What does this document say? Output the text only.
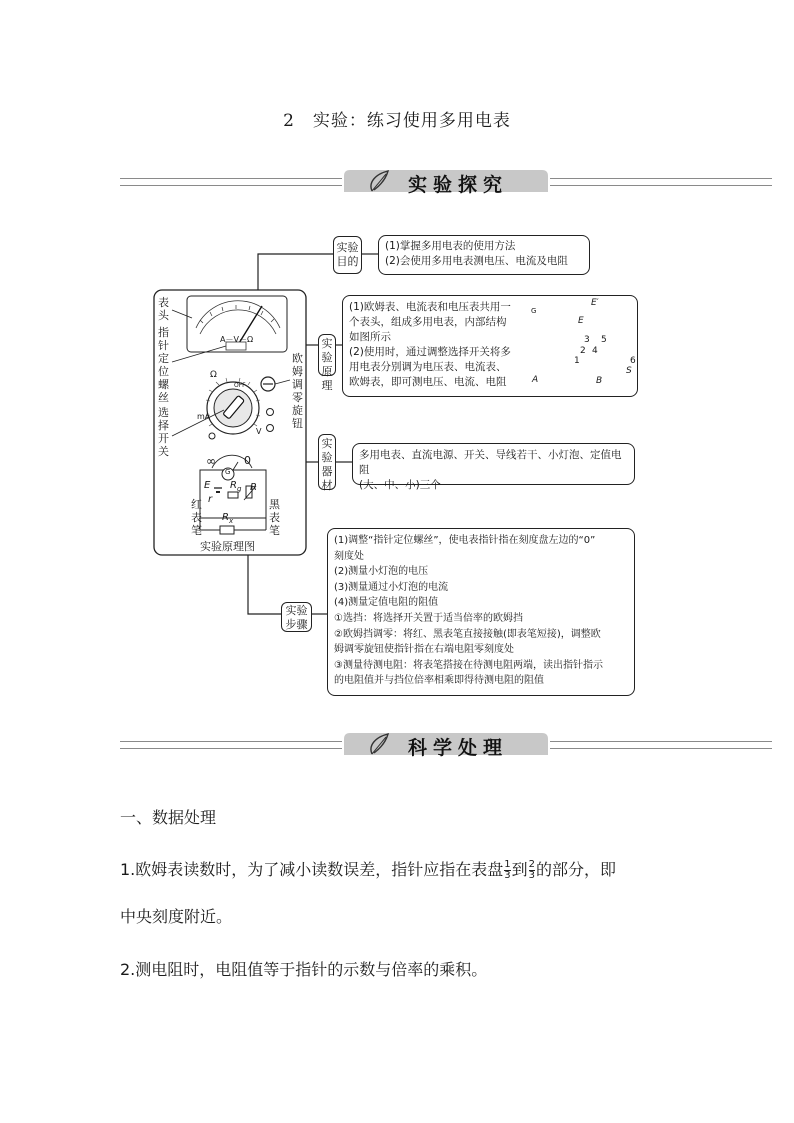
2　实验：练习使用多用电表
实验探究
表头
指针定位螺丝
选择开关
欧姆调零旋钮
A－V－Ω
Ω
mA
V
OFF
∞	0
G
E
r
$R_g$ R
$R_x$
红表笔
黑表笔
实验原理图
实验目的
(1)掌握多用电表的使用方法
(2)会使用多用电表测电压、电流及电阻
实验原理
(1)欧姆表、电流表和电压表共用一
个表头，组成多用电表，内部结构
如图所示
(2)使用时，通过调整选择开关将多
用电表分别调为电压表、电流表、
欧姆表，即可测电压、电流、电阻
E
E′
G
3 5
2 4
1	6
S
A	B
实验器材
多用电表、直流电源、开关、导线若干、小灯泡、定值电阻
(大、中、小)三个
实验步骤
(1)调整“指针定位螺丝”，使电表指针指在刻度盘左边的“0”
刻度处
(2)测量小灯泡的电压
(3)测量通过小灯泡的电流
(4)测量定值电阻的阻值
①选挡：将选择开关置于适当倍率的欧姆挡
②欧姆挡调零：将红、黑表笔直接接触(即表笔短接)，调整欧
姆调零旋钮使指针指在右端电阻零刻度处
③测量待测电阻：将表笔搭接在待测电阻两端，读出指针指示
的电阻值并与挡位倍率相乘即得待测电阻的阻值
科学处理
一、数据处理
1.欧姆表读数时，为了减小读数误差，指针应指在表盘 $\frac{1}{3}$ 到 $\frac{2}{3}$ 的部分，即
中央刻度附近。
2.测电阻时，电阻值等于指针的示数与倍率的乘积。
